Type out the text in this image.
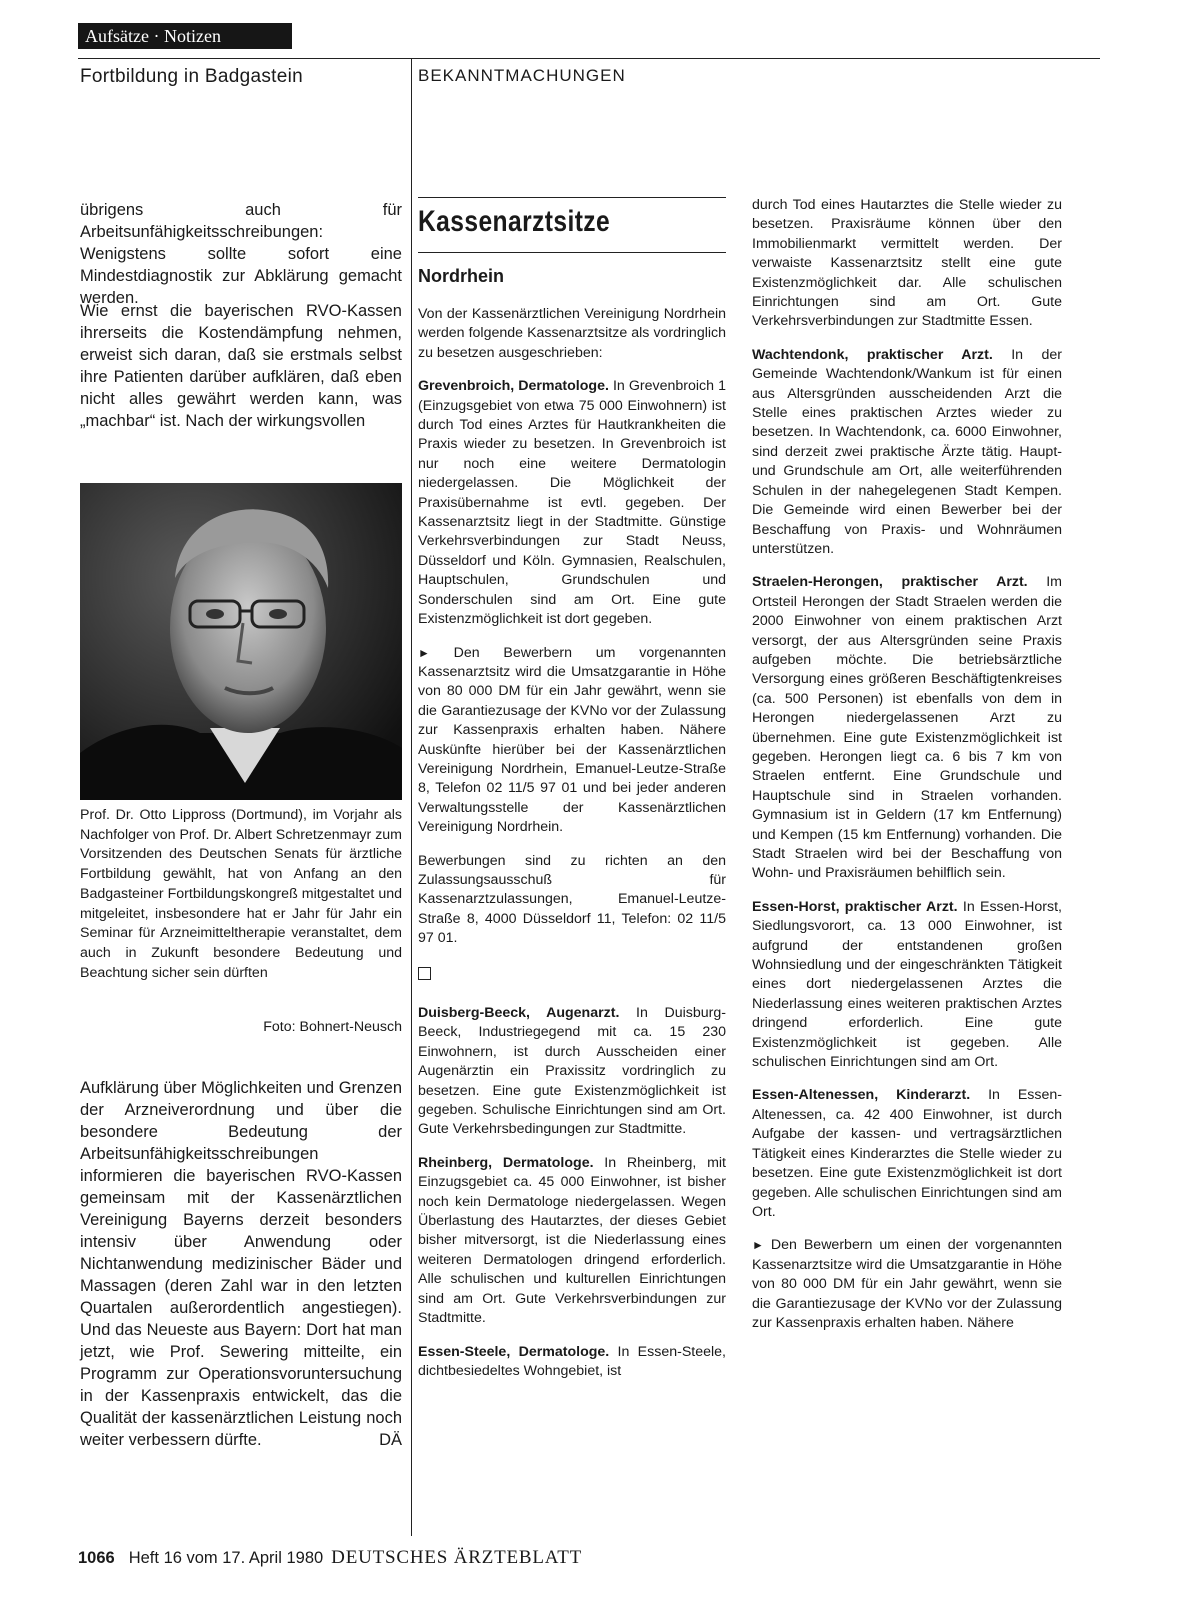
Aufsätze · Notizen
Fortbildung in Badgastein	BEKANNTMACHUNGEN

übrigens auch für Arbeitsunfähigkeitsschreibungen: Wenigstens sollte sofort eine Mindestdiagnostik zur Abklärung gemacht werden.

Wie ernst die bayerischen RVO-Kassen ihrerseits die Kostendämpfung nehmen, erweist sich daran, daß sie erstmals selbst ihre Patienten darüber aufklären, daß eben nicht alles gewährt werden kann, was „machbar“ ist. Nach der wirkungsvollen

Prof. Dr. Otto Lippross (Dortmund), im Vorjahr als Nachfolger von Prof. Dr. Albert Schretzenmayr zum Vorsitzenden des Deutschen Senats für ärztliche Fortbildung gewählt, hat von Anfang an den Badgasteiner Fortbildungskongreß mitgestaltet und mitgeleitet, insbesondere hat er Jahr für Jahr ein Seminar für Arzneimitteltherapie veranstaltet, dem auch in Zukunft besondere Bedeutung und Beachtung sicher sein dürften

Foto: Bohnert-Neusch

Aufklärung über Möglichkeiten und Grenzen der Arzneiverordnung und über die besondere Bedeutung der Arbeitsunfähigkeitsschreibungen informieren die bayerischen RVO-Kassen gemeinsam mit der Kassenärztlichen Vereinigung Bayerns derzeit besonders intensiv über Anwendung oder Nichtanwendung medizinischer Bäder und Massagen (deren Zahl war in den letzten Quartalen außerordentlich angestiegen). Und das Neueste aus Bayern: Dort hat man jetzt, wie Prof. Sewering mitteilte, ein Programm zur Operationsvoruntersuchung in der Kassenpraxis entwickelt, das die Qualität der kassenärztlichen Leistung noch weiter verbessern dürfte.	DÄ

Kassenarztsitze
Nordrhein

Von der Kassenärztlichen Vereinigung Nordrhein werden folgende Kassenarztsitze als vordringlich zu besetzen ausgeschrieben:

Grevenbroich, Dermatologe. In Grevenbroich 1 (Einzugsgebiet von etwa 75 000 Einwohnern) ist durch Tod eines Arztes für Hautkrankheiten die Praxis wieder zu besetzen. In Grevenbroich ist nur noch eine weitere Dermatologin niedergelassen. Die Möglichkeit der Praxisübernahme ist evtl. gegeben. Der Kassenarztsitz liegt in der Stadtmitte. Günstige Verkehrsverbindungen zur Stadt Neuss, Düsseldorf und Köln. Gymnasien, Realschulen, Hauptschulen, Grundschulen und Sonderschulen sind am Ort. Eine gute Existenzmöglichkeit ist dort gegeben.

► Den Bewerbern um vorgenannten Kassenarztsitz wird die Umsatzgarantie in Höhe von 80 000 DM für ein Jahr gewährt, wenn sie die Garantiezusage der KVNo vor der Zulassung zur Kassenpraxis erhalten haben. Nähere Auskünfte hierüber bei der Kassenärztlichen Vereinigung Nordrhein, Emanuel-Leutze-Straße 8, Telefon 02 11/5 97 01 und bei jeder anderen Verwaltungsstelle der Kassenärztlichen Vereinigung Nordrhein.

Bewerbungen sind zu richten an den Zulassungsausschuß für Kassenarztzulassungen, Emanuel-Leutze-Straße 8, 4000 Düsseldorf 11, Telefon: 02 11/5 97 01.

Duisberg-Beeck, Augenarzt. In Duisburg-Beeck, Industriegegend mit ca. 15 230 Einwohnern, ist durch Ausscheiden einer Augenärztin ein Praxissitz vordringlich zu besetzen. Eine gute Existenzmöglichkeit ist gegeben. Schulische Einrichtungen sind am Ort. Gute Verkehrsbedingungen zur Stadtmitte.

Rheinberg, Dermatologe. In Rheinberg, mit Einzugsgebiet ca. 45 000 Einwohner, ist bisher noch kein Dermatologe niedergelassen. Wegen Überlastung des Hautarztes, der dieses Gebiet bisher mitversorgt, ist die Niederlassung eines weiteren Dermatologen dringend erforderlich. Alle schulischen und kulturellen Einrichtungen sind am Ort. Gute Verkehrsverbindungen zur Stadtmitte.

Essen-Steele, Dermatologe. In Essen-Steele, dichtbesiedeltes Wohngebiet, ist

durch Tod eines Hautarztes die Stelle wieder zu besetzen. Praxisräume können über den Immobilienmarkt vermittelt werden. Der verwaiste Kassenarztsitz stellt eine gute Existenzmöglichkeit dar. Alle schulischen Einrichtungen sind am Ort. Gute Verkehrsverbindungen zur Stadtmitte Essen.

Wachtendonk, praktischer Arzt. In der Gemeinde Wachtendonk/Wankum ist für einen aus Altersgründen ausscheidenden Arzt die Stelle eines praktischen Arztes wieder zu besetzen. In Wachtendonk, ca. 6000 Einwohner, sind derzeit zwei praktische Ärzte tätig. Haupt- und Grundschule am Ort, alle weiterführenden Schulen in der nahegelegenen Stadt Kempen. Die Gemeinde wird einen Bewerber bei der Beschaffung von Praxis- und Wohnräumen unterstützen.

Straelen-Herongen, praktischer Arzt. Im Ortsteil Herongen der Stadt Straelen werden die 2000 Einwohner von einem praktischen Arzt versorgt, der aus Altersgründen seine Praxis aufgeben möchte. Die betriebsärztliche Versorgung eines größeren Beschäftigtenkreises (ca. 500 Personen) ist ebenfalls von dem in Herongen niedergelassenen Arzt zu übernehmen. Eine gute Existenzmöglichkeit ist gegeben. Herongen liegt ca. 6 bis 7 km von Straelen entfernt. Eine Grundschule und Hauptschule sind in Straelen vorhanden. Gymnasium ist in Geldern (17 km Entfernung) und Kempen (15 km Entfernung) vorhanden. Die Stadt Straelen wird bei der Beschaffung von Wohn- und Praxisräumen behilflich sein.

Essen-Horst, praktischer Arzt. In Essen-Horst, Siedlungsvorort, ca. 13 000 Einwohner, ist aufgrund der entstandenen großen Wohnsiedlung und der eingeschränkten Tätigkeit eines dort niedergelassenen Arztes die Niederlassung eines weiteren praktischen Arztes dringend erforderlich. Eine gute Existenzmöglichkeit ist gegeben. Alle schulischen Einrichtungen sind am Ort.

Essen-Altenessen, Kinderarzt. In Essen-Altenessen, ca. 42 400 Einwohner, ist durch Aufgabe der kassen- und vertragsärztlichen Tätigkeit eines Kinderarztes die Stelle wieder zu besetzen. Eine gute Existenzmöglichkeit ist dort gegeben. Alle schulischen Einrichtungen sind am Ort.

► Den Bewerbern um einen der vorgenannten Kassenarztsitze wird die Umsatzgarantie in Höhe von 80 000 DM für ein Jahr gewährt, wenn sie die Garantiezusage der KVNo vor der Zulassung zur Kassenpraxis erhalten haben. Nähere

1066 Heft 16 vom 17. April 1980 DEUTSCHES ÄRZTEBLATT
